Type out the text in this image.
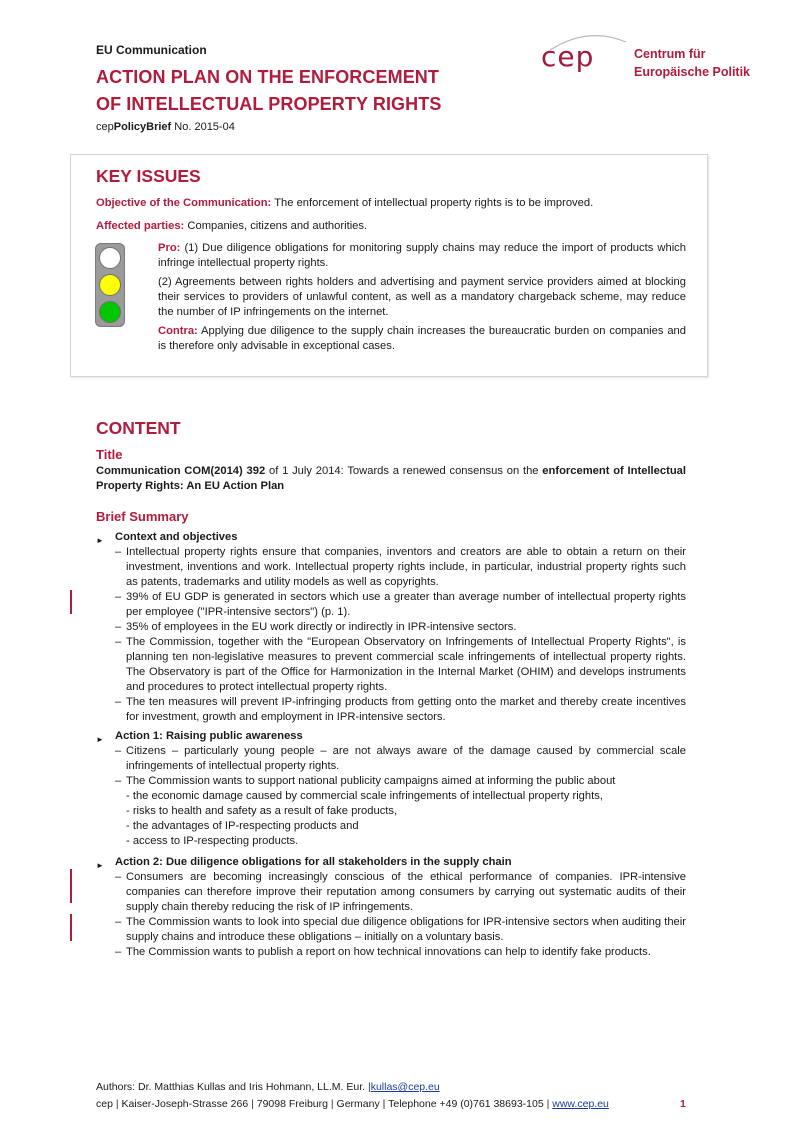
EU Communication
ACTION PLAN ON THE ENFORCEMENT
OF INTELLECTUAL PROPERTY RIGHTS
cepPolicyBrief No. 2015-04
cep	Centrum für
Europäische Politik
KEY ISSUES
Objective of the Communication: The enforcement of intellectual property rights is to be improved.
Affected parties: Companies, citizens and authorities.

Pro: (1) Due diligence obligations for monitoring supply chains may reduce the import of products which infringe intellectual property rights.

(2) Agreements between rights holders and advertising and payment service providers aimed at blocking their services to providers of unlawful content, as well as a mandatory chargeback scheme, may reduce the number of IP infringements on the internet.

Contra: Applying due diligence to the supply chain increases the bureaucratic burden on companies and is therefore only advisable in exceptional cases.

CONTENT
Title
Communication COM(2014) 392 of 1 July 2014: Towards a renewed consensus on the enforcement of Intellectual Property Rights: An EU Action Plan
Brief Summary
► Context and objectives
– Intellectual property rights ensure that companies, inventors and creators are able to obtain a return on their investment, inventions and work. Intellectual property rights include, in particular, industrial property rights such as patents, trademarks and utility models as well as copyrights.
– 39% of EU GDP is generated in sectors which use a greater than average number of intellectual property rights per employee ("IPR-intensive sectors") (p. 1).
– 35% of employees in the EU work directly or indirectly in IPR-intensive sectors.
– The Commission, together with the "European Observatory on Infringements of Intellectual Property Rights", is planning ten non-legislative measures to prevent commercial scale infringements of intellectual property rights. The Observatory is part of the Office for Harmonization in the Internal Market (OHIM) and develops instruments and procedures to protect intellectual property rights.
– The ten measures will prevent IP-infringing products from getting onto the market and thereby create incentives for investment, growth and employment in IPR-intensive sectors.
► Action 1: Raising public awareness
– Citizens – particularly young people – are not always aware of the damage caused by commercial scale infringements of intellectual property rights.
– The Commission wants to support national publicity campaigns aimed at informing the public about
- the economic damage caused by commercial scale infringements of intellectual property rights,
- risks to health and safety as a result of fake products,
- the advantages of IP-respecting products and
- access to IP-respecting products.
► Action 2: Due diligence obligations for all stakeholders in the supply chain
– Consumers are becoming increasingly conscious of the ethical performance of companies. IPR-intensive companies can therefore improve their reputation among consumers by carrying out systematic audits of their supply chain thereby reducing the risk of IP infringements.
– The Commission wants to look into special due diligence obligations for IPR-intensive sectors when auditing their supply chains and introduce these obligations – initially on a voluntary basis.
– The Commission wants to publish a report on how technical innovations can help to identify fake products.
Authors: Dr. Matthias Kullas and Iris Hohmann, LL.M. Eur. |kullas@cep.eu
cep | Kaiser-Joseph-Strasse 266 | 79098 Freiburg | Germany | Telephone +49 (0)761 38693-105 | www.cep.eu	1
